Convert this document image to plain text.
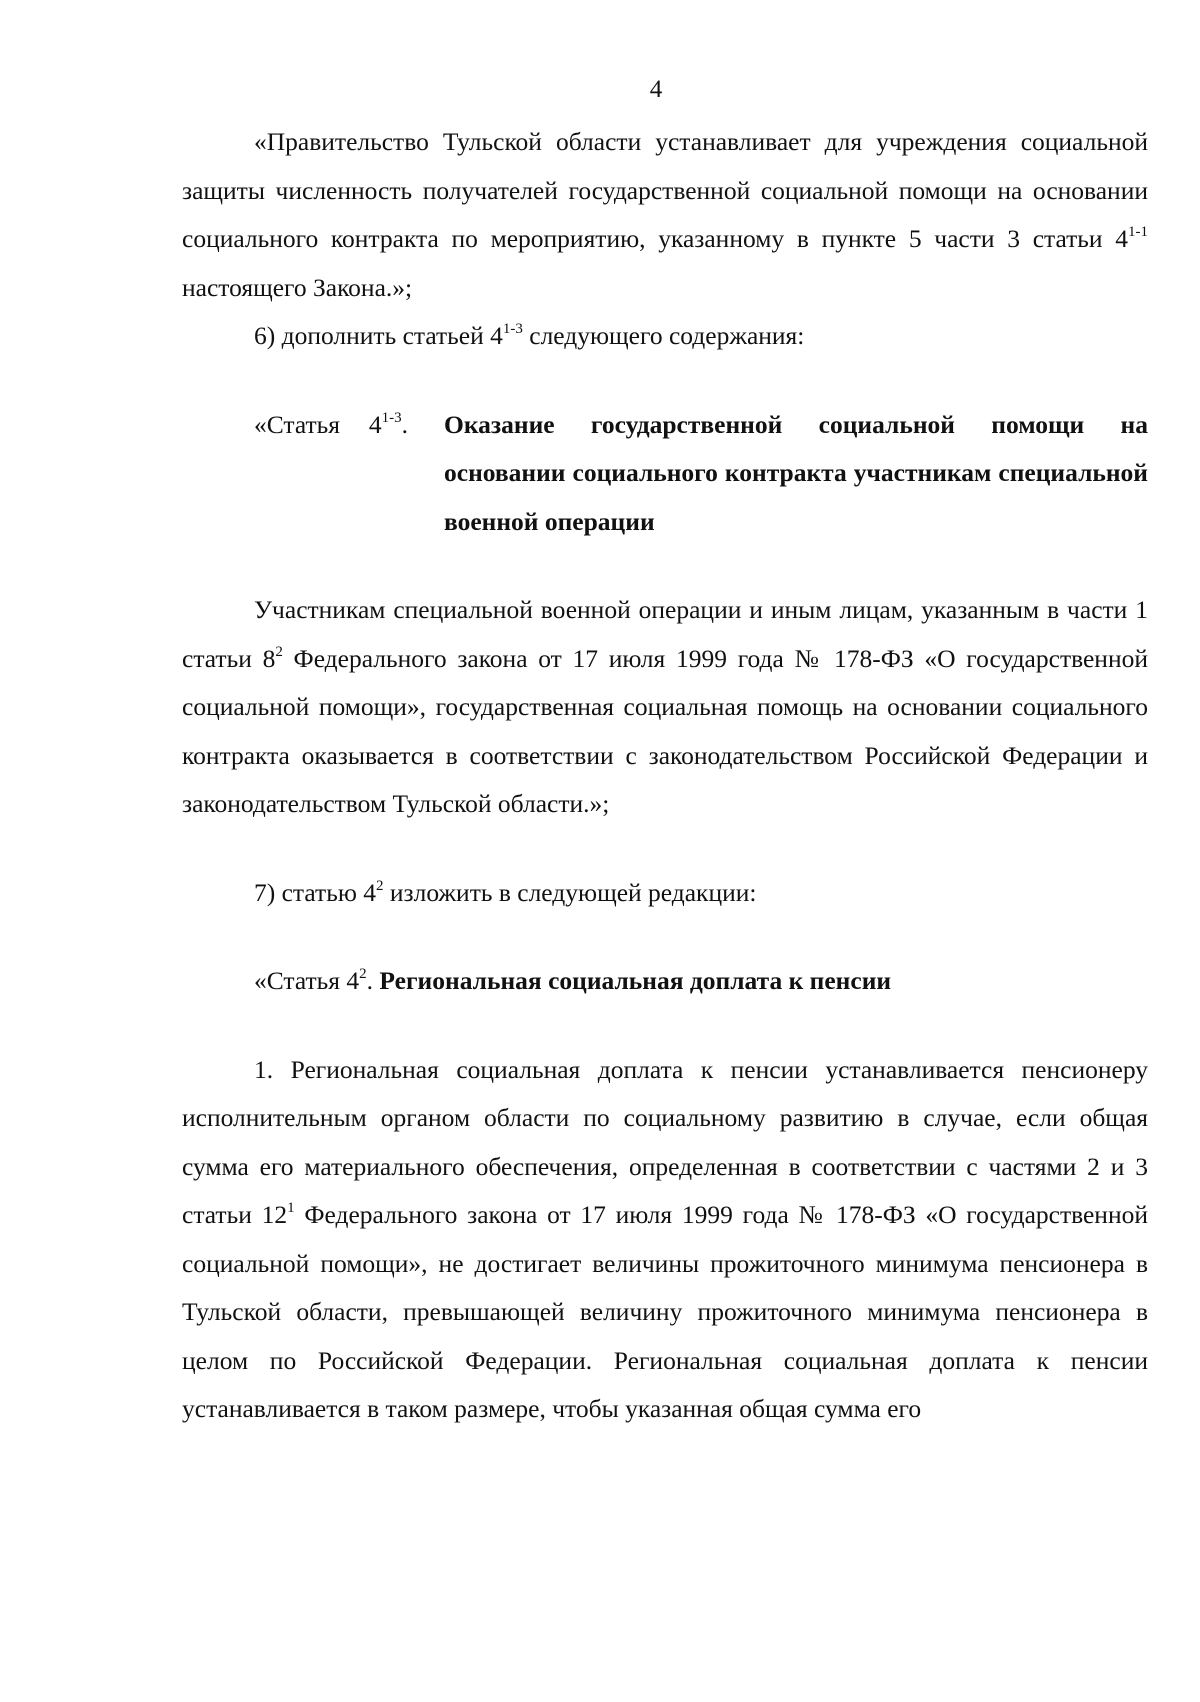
4

«Правительство Тульской области устанавливает для учреждения социальной защиты численность получателей государственной социальной помощи на основании социального контракта по мероприятию, указанному в пункте 5 части 3 статьи 4$^{1-1}$ настоящего Закона.»;

6) дополнить статьей 4$^{1-3}$ следующего содержания:

«Статья 4$^{1-3}$. Оказание государственной социальной помощи на основании социального контракта участникам специальной военной операции

Участникам специальной военной операции и иным лицам, указанным в части 1 статьи $8^2$ Федерального закона от 17 июля 1999 года № 178-ФЗ «О государственной социальной помощи», государственная социальная помощь на основании социального контракта оказывается в соответствии с законодательством Российской Федерации и законодательством Тульской области.»;

7) статью $4^2$ изложить в следующей редакции:

«Статья $4^2$. Региональная социальная доплата к пенсии

1. Региональная социальная доплата к пенсии устанавливается пенсионеру исполнительным органом области по социальному развитию в случае, если общая сумма его материального обеспечения, определенная в соответствии с частями 2 и 3 статьи $12^1$ Федерального закона от 17 июля 1999 года № 178-ФЗ «О государственной социальной помощи», не достигает величины прожиточного минимума пенсионера в Тульской области, превышающей величину прожиточного минимума пенсионера в целом по Российской Федерации. Региональная социальная доплата к пенсии устанавливается в таком размере, чтобы указанная общая сумма его
